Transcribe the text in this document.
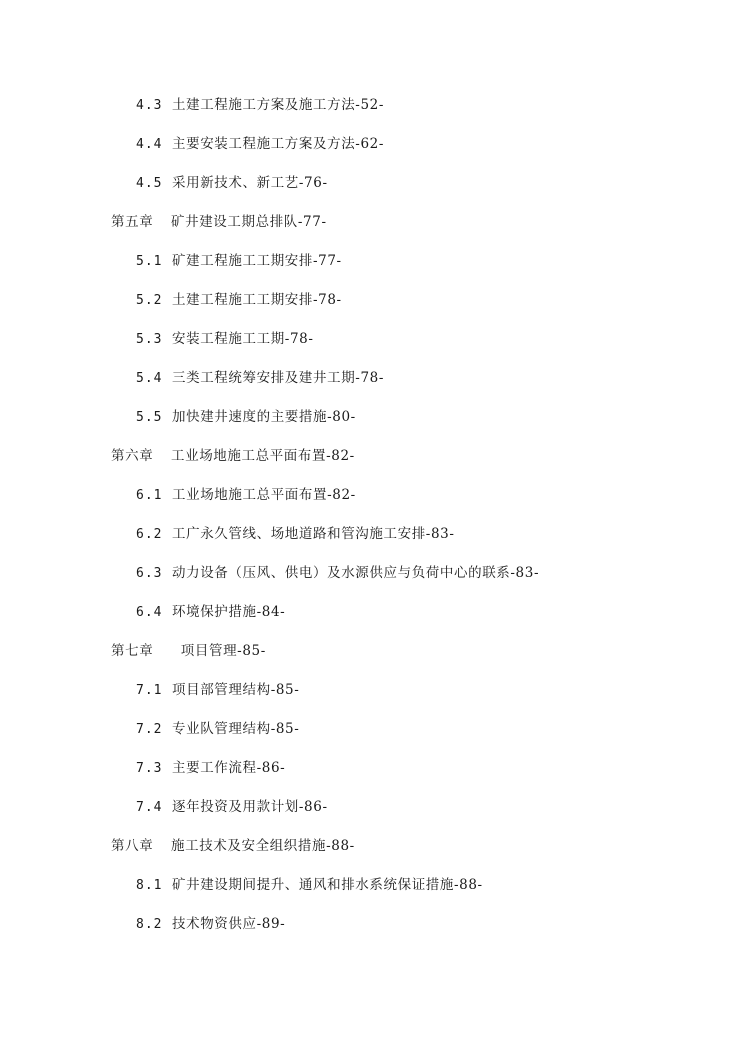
4.3 土建工程施工方案及施工方法-52-
4.4 主要安装工程施工方案及方法-62-
4.5 采用新技术、新工艺-76-
第五章 矿井建设工期总排队-77-
5.1 矿建工程施工工期安排-77-
5.2 土建工程施工工期安排-78-
5.3 安装工程施工工期-78-
5.4 三类工程统筹安排及建井工期-78-
5.5 加快建井速度的主要措施-80-
第六章 工业场地施工总平面布置-82-
6.1 工业场地施工总平面布置-82-
6.2 工广永久管线、场地道路和管沟施工安排-83-
6.3 动力设备（压风、供电）及水源供应与负荷中心的联系-83-
6.4 环境保护措施-84-
第七章  项目管理-85-
7.1 项目部管理结构-85-
7.2 专业队管理结构-85-
7.3 主要工作流程-86-
7.4 逐年投资及用款计划-86-
第八章 施工技术及安全组织措施-88-
8.1 矿井建设期间提升、通风和排水系统保证措施-88-
8.2 技术物资供应-89-
